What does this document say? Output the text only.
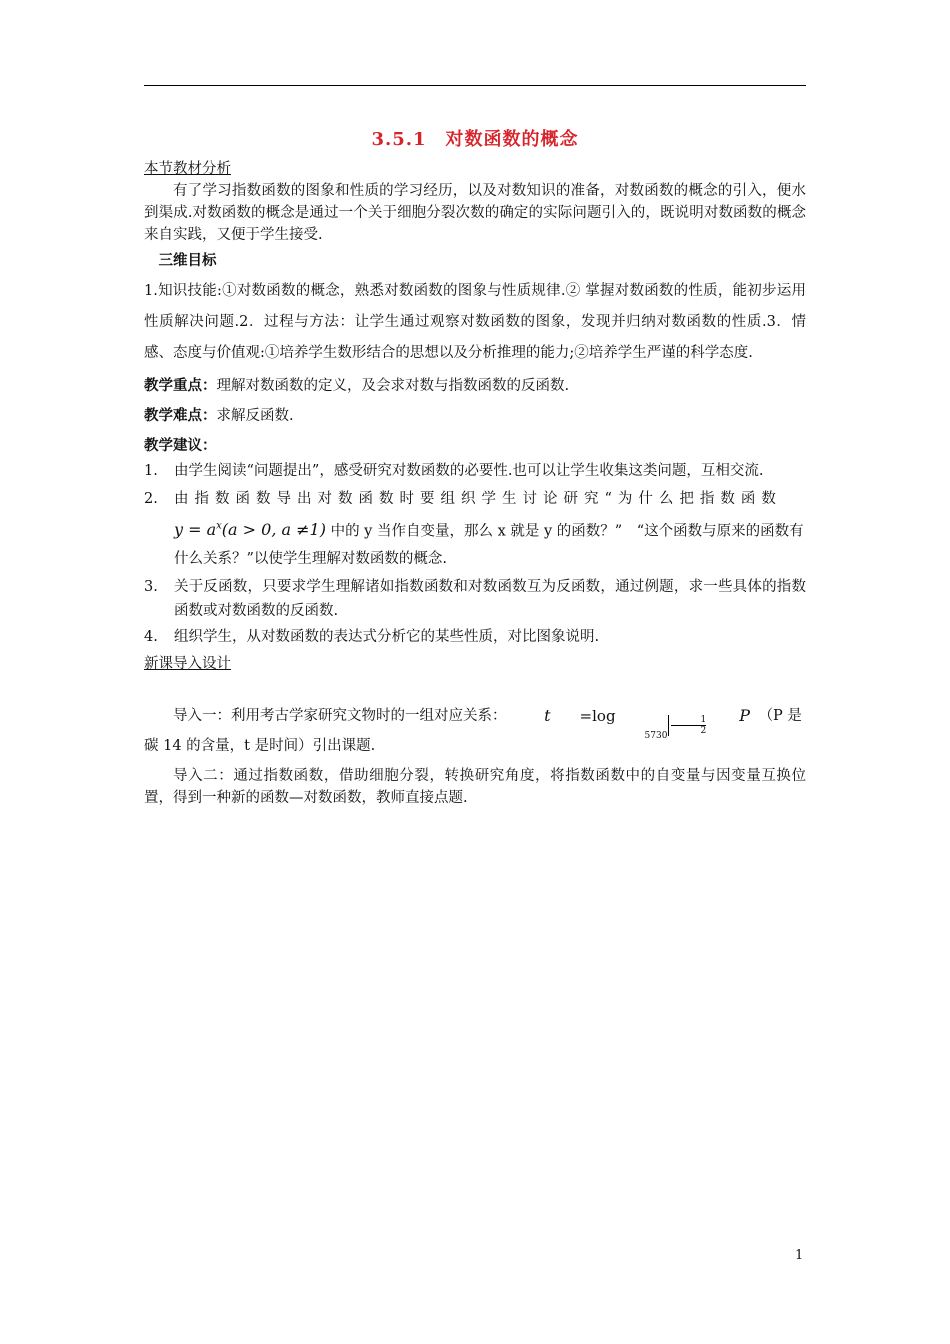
3.5.1　对数函数的概念

本节教材分析

有了学习指数函数的图象和性质的学习经历，以及对数知识的准备，对数函数的概念的引入，便水到渠成.对数函数的概念是通过一个关于细胞分裂次数的确定的实际问题引入的，既说明对数函数的概念来自实践，又便于学生接受.

三维目标

1.知识技能:①对数函数的概念，熟悉对数函数的图象与性质规律.② 掌握对数函数的性质，能初步运用性质解决问题.2．过程与方法：让学生通过观察对数函数的图象，发现并归纳对数函数的性质.3．情感、态度与价值观:①培养学生数形结合的思想以及分析推理的能力;②培养学生严谨的科学态度.

教学重点：理解对数函数的定义，及会求对数与指数函数的反函数.

教学难点：求解反函数.

教学建议：

1. 由学生阅读“问题提出”，感受研究对数函数的必要性.也可以让学生收集这类问题，互相交流.
2. 由指数函数导出对数函数时要组织学生讨论研究“为什么把指数函数
$y = a^x(a > 0$, a ≠1) 中的 y 当作自变量，那么 x 就是 y 的函数？”　“这个函数与原来的函数有什么关系？”以使学生理解对数函数的概念.
3. 关于反函数，只要求学生理解诸如指数函数和对数函数互为反函数，通过例题，求一些具体的指数函数或对数函数的反函数.
4. 组织学生，从对数函数的表达式分析它的某些性质，对比图象说明.

新课导入设计

导入一：利用考古学家研究文物时的一组对应关系：	t	=log
$5730 \frac{1}{2}$	P （P 是碳 14 的含量，t 是时间）引出课题.

导入二：通过指数函数，借助细胞分裂，转换研究角度，将指数函数中的自变量与因变量互换位置，得到一种新的函数—对数函数，教师直接点题.

1
